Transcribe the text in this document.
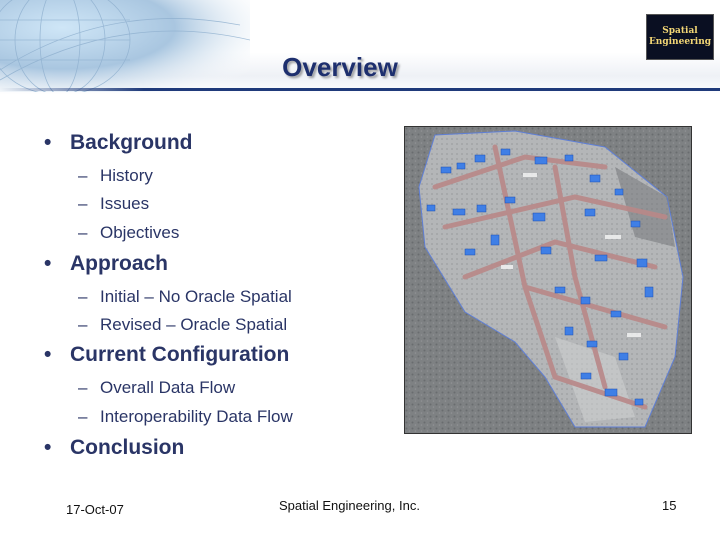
Overview
Spatial
Engineering
• Background
– History
– Issues
– Objectives
• Approach
– Initial – No Oracle Spatial
– Revised – Oracle Spatial
• Current Configuration
– Overall Data Flow
– Interoperability Data Flow
• Conclusion
17-Oct-07	Spatial Engineering, Inc.	15
